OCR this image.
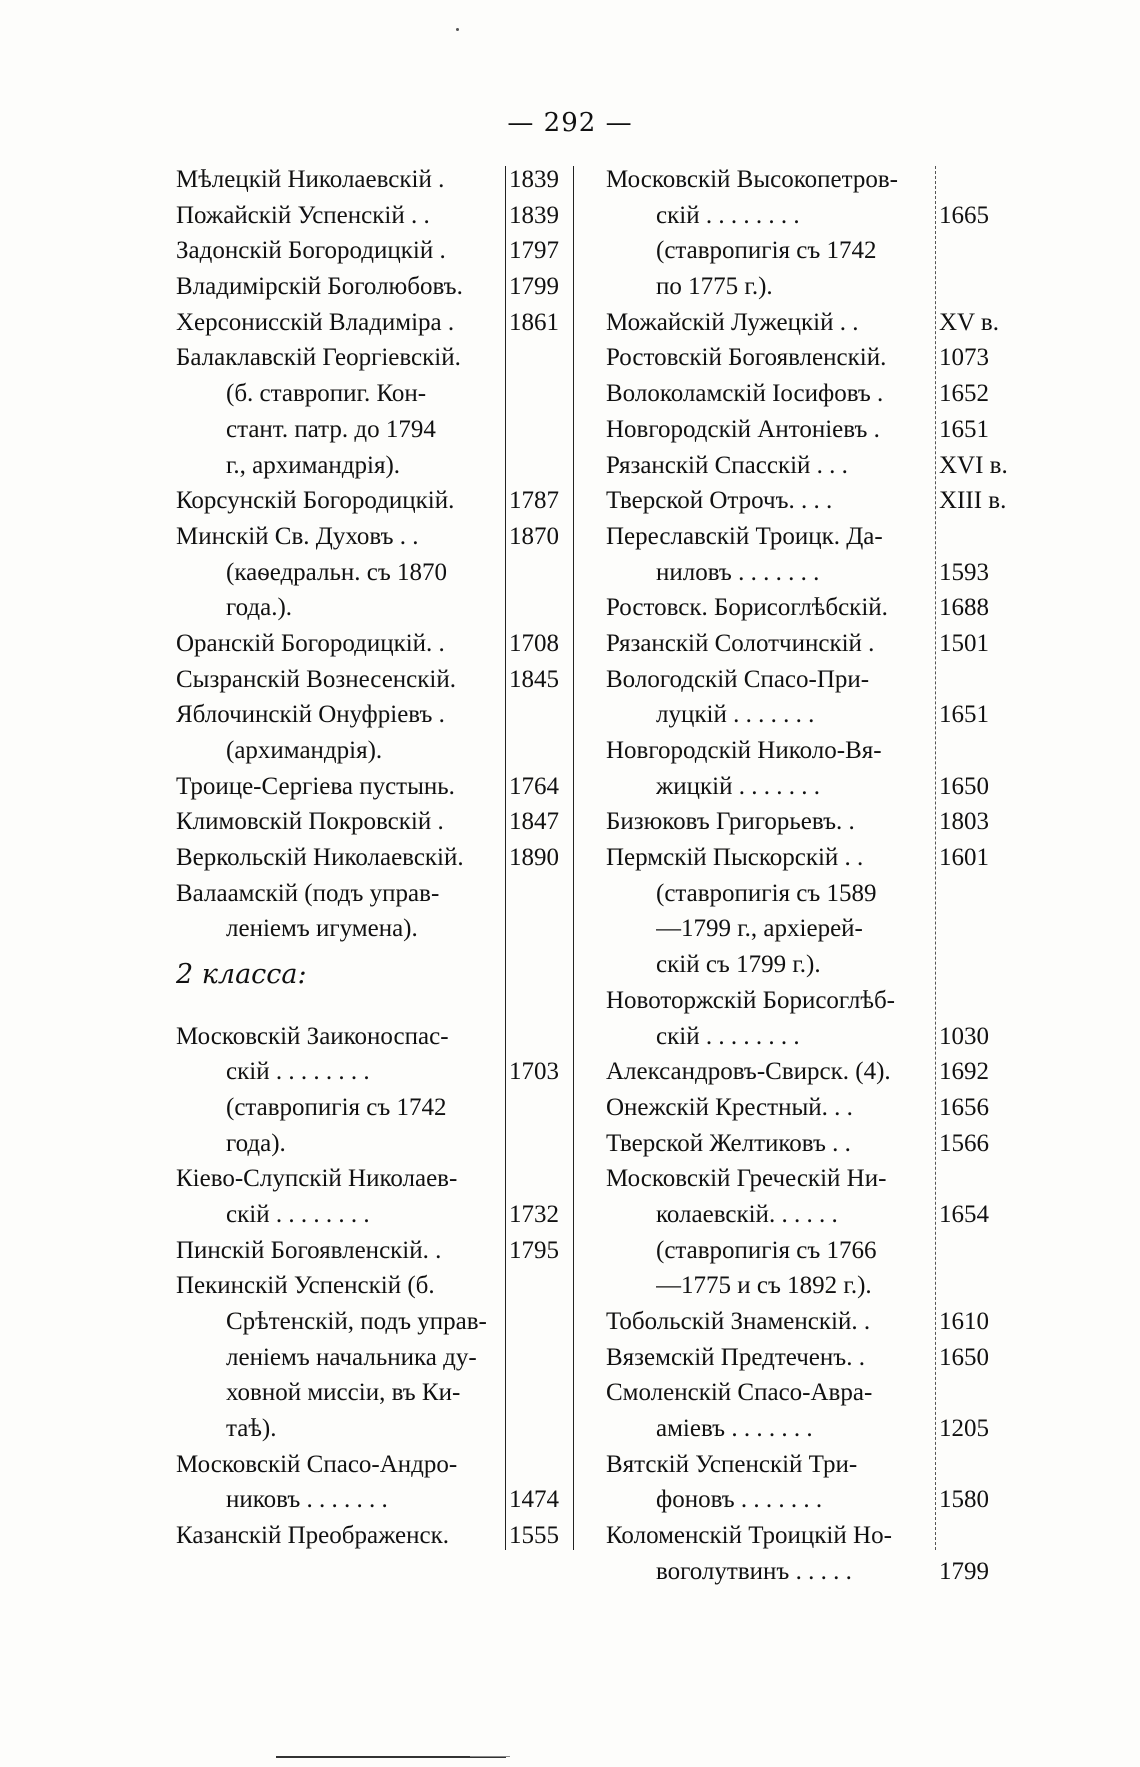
— 292 —
Мѣлецкій Николаевскій .	1839
Пожайскій Успенскій . .	1839
Задонскій Богородицкій .	1797
Владимірскій Боголюбовъ.	1799
Херсонисскій Владиміра .	1861
Балаклавскій Георгіевскій.
(б. ставропиг. Кон-
стант. патр. до 1794
г., архимандрія).
Корсунскій Богородицкій.	1787
Минскій Св. Духовъ . .	1870
(каѳедральн. съ 1870
года.).
Оранскій Богородицкій. .	1708
Сызранскій Вознесенскій.	1845
Яблочинскій Онуфріевъ .
(архимандрія).
Троице-Сергіева пустынь.	1764
Климовскій Покровскій .	1847
Веркольскій Николаевскій.	1890
Валаамскій (подъ управ-
леніемъ игумена).
2 класса:
Московскій Заиконоспас-
скій . . . . . . . .	1703
(ставропигія съ 1742
года).
Кіево-Слупскій Николаев-
скій . . . . . . . .	1732
Пинскій Богоявленскій. .	1795
Пекинскій Успенскій (б.
Срѣтенскій, подъ управ-
леніемъ начальника ду-
ховной миссіи, въ Ки-
таѣ).
Московскій Спасо-Андро-
никовъ . . . . . . .	1474
Казанскій Преображенск.	1555
Московскій Высокопетров-
скій . . . . . . . .	1665
(ставропигія съ 1742
по 1775 г.).
Можайскій Лужецкій . .	XV в.
Ростовскій Богоявленскій.	1073
Волоколамскій Іосифовъ .	1652
Новгородскій Антоніевъ .	1651
Рязанскій Спасскій . . .	XVI в.
Тверской Отрочъ. . . .	XIII в.
Переславскій Троицк. Да-
ниловъ . . . . . . .	1593
Ростовск. Борисоглѣбскій.	1688
Рязанскій Солотчинскій .	1501
Вологодскій Спасо-При-
луцкій . . . . . . .	1651
Новгородскій Николо-Вя-
жицкій . . . . . . .	1650
Бизюковъ Григорьевъ. .	1803
Пермскій Пыскорскій . .	1601
(ставропигія съ 1589
—1799 г., архіерей-
скій съ 1799 г.).
Новоторжскій Борисоглѣб-
скій . . . . . . . .	1030
Александровъ-Свирск. (4).	1692
Онежскій Крестный. . .	1656
Тверской Желтиковъ . .	1566
Московскій Греческій Ни-
колаевскій. . . . . .	1654
(ставропигія съ 1766
—1775 и съ 1892 г.).
Тобольскій Знаменскій. .	1610
Вяземскій Предтеченъ. .	1650
Смоленскій Спасо-Авра-
аміевъ . . . . . . .	1205
Вятскій Успенскій Три-
фоновъ . . . . . . .	1580
Коломенскій Троицкій Но-
воголутвинъ . . . . .	1799
